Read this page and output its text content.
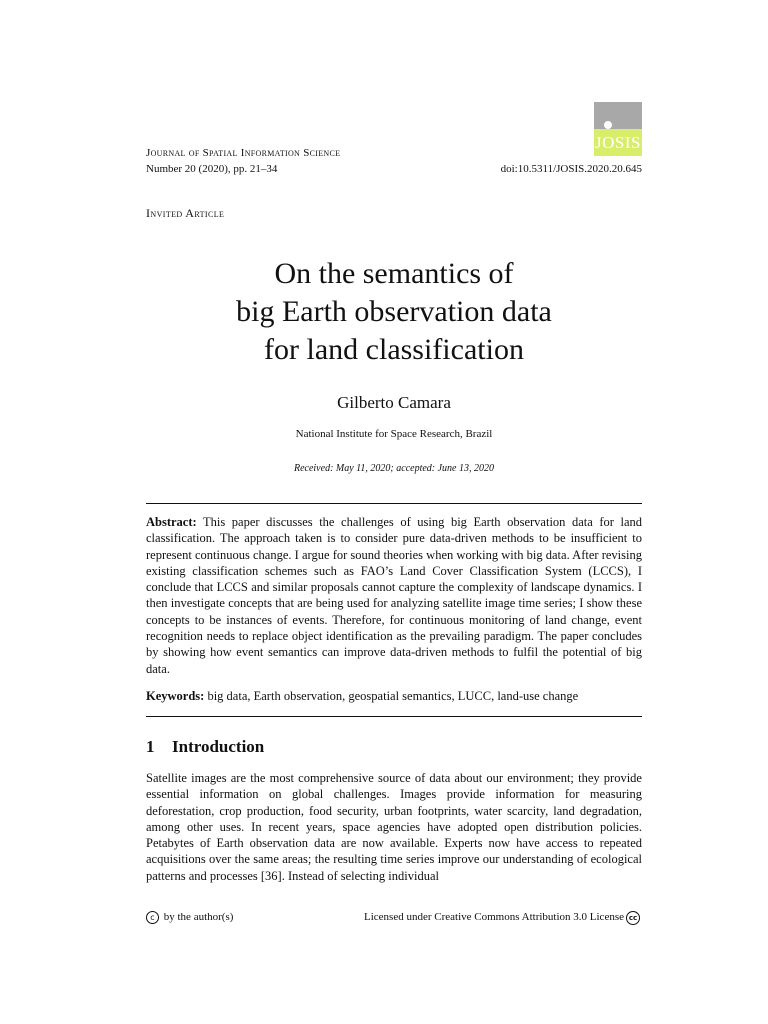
JOSIS
Journal of Spatial Information Science
Number 20 (2020), pp. 21–34	doi:10.5311/JOSIS.2020.20.645
Invited Article
On the semantics of
big Earth observation data
for land classification
Gilberto Camara
National Institute for Space Research, Brazil
Received: May 11, 2020; accepted: June 13, 2020

Abstract: This paper discusses the challenges of using big Earth observation data for land classification. The approach taken is to consider pure data-driven methods to be insufficient to represent continuous change. I argue for sound theories when working with big data. After revising existing classification schemes such as FAO’s Land Cover Classification System (LCCS), I conclude that LCCS and similar proposals cannot capture the complexity of landscape dynamics. I then investigate concepts that are being used for analyzing satellite image time series; I show these concepts to be instances of events. Therefore, for continuous monitoring of land change, event recognition needs to replace object identification as the prevailing paradigm. The paper concludes by showing how event semantics can improve data-driven methods to fulfil the potential of big data.

Keywords: big data, Earth observation, geospatial semantics, LUCC, land-use change

1 Introduction

Satellite images are the most comprehensive source of data about our environment; they provide essential information on global challenges. Images provide information for measuring deforestation, crop production, food security, urban footprints, water scarcity, land degradation, among other uses. In recent years, space agencies have adopted open distribution policies. Petabytes of Earth observation data are now available. Experts now have access to repeated acquisitions over the same areas; the resulting time series improve our understanding of ecological patterns and processes [36]. Instead of selecting individual

c by the author(s)	Licensed under Creative Commons Attribution 3.0 License cc
